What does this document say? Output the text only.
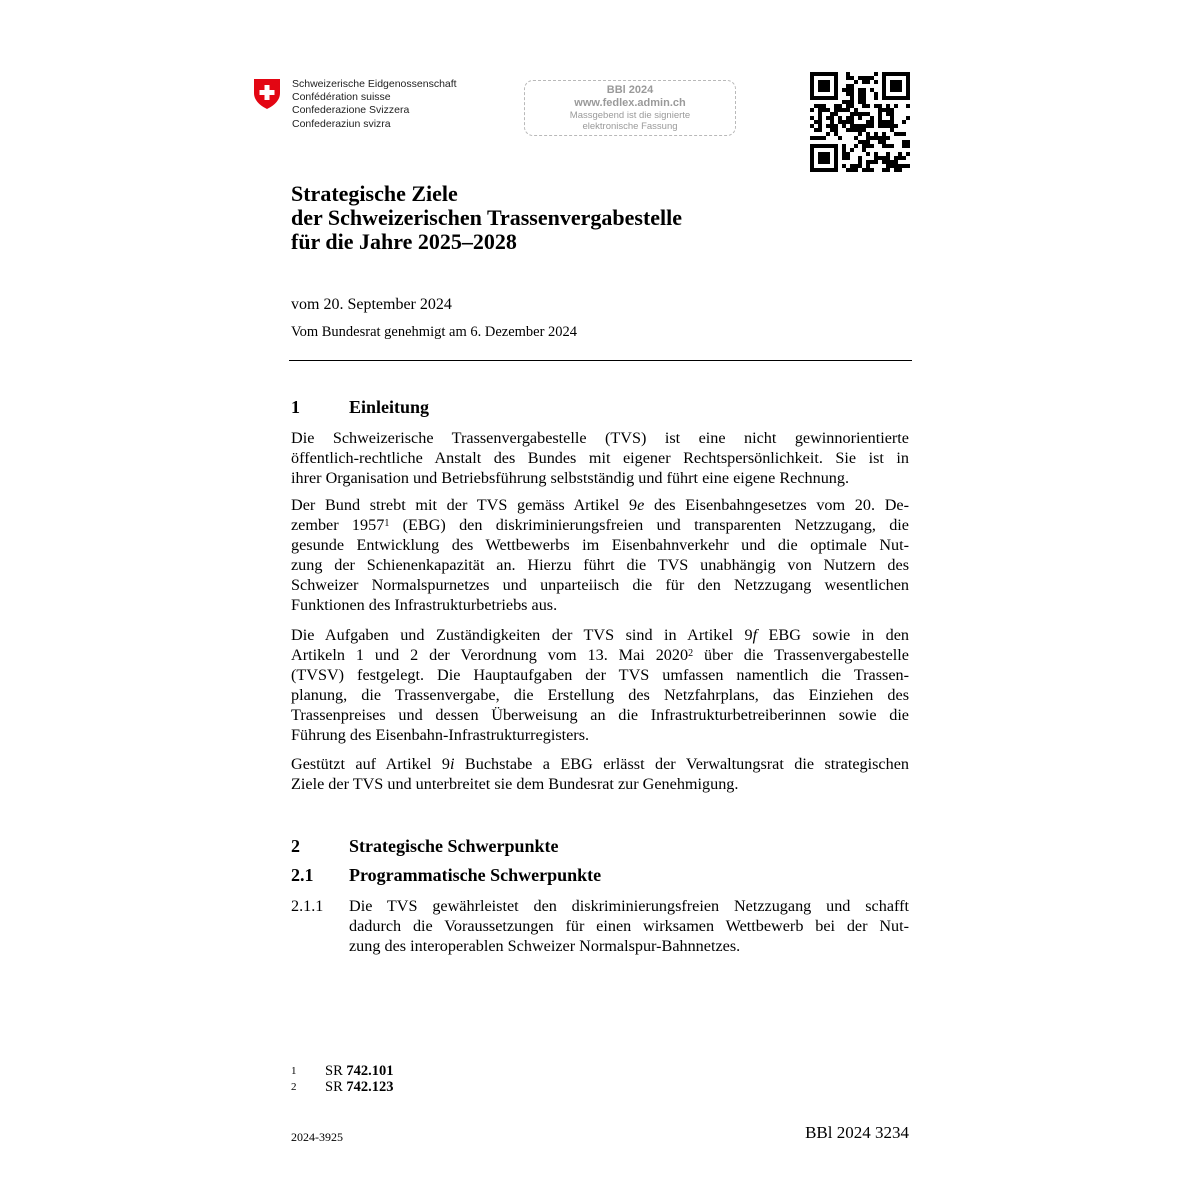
Schweizerische Eidgenossenschaft
Confédération suisse
Confederazione Svizzera
Confederaziun svizra
BBl 2024
www.fedlex.admin.ch
Massgebend ist die signierte
elektronische Fassung
Strategische Ziele
der Schweizerischen Trassenvergabestelle
für die Jahre 2025–2028
vom 20. September 2024
Vom Bundesrat genehmigt am 6. Dezember 2024
1	Einleitung
Die Schweizerische Trassenvergabestelle (TVS) ist eine nicht gewinnorientierte
öffentlich-rechtliche Anstalt des Bundes mit eigener Rechtspersönlichkeit. Sie ist in
ihrer Organisation und Betriebsführung selbstständig und führt eine eigene Rechnung.
Der Bund strebt mit der TVS gemäss Artikel 9e des Eisenbahngesetzes vom 20. De-
zember 1957$^1$ (EBG) den diskriminierungsfreien und transparenten Netzzugang, die
gesunde Entwicklung des Wettbewerbs im Eisenbahnverkehr und die optimale Nut-
zung der Schienenkapazität an. Hierzu führt die TVS unabhängig von Nutzern des
Schweizer Normalspurnetzes und unparteiisch die für den Netzzugang wesentlichen
Funktionen des Infrastrukturbetriebs aus.
Die Aufgaben und Zuständigkeiten der TVS sind in Artikel 9f EBG sowie in den
Artikeln 1 und 2 der Verordnung vom 13. Mai 2020$^2$ über die Trassenvergabestelle
(TVSV) festgelegt. Die Hauptaufgaben der TVS umfassen namentlich die Trassen-
planung, die Trassenvergabe, die Erstellung des Netzfahrplans, das Einziehen des
Trassenpreises und dessen Überweisung an die Infrastrukturbetreiberinnen sowie die
Führung des Eisenbahn-Infrastrukturregisters.
Gestützt auf Artikel 9i Buchstabe a EBG erlässt der Verwaltungsrat die strategischen
Ziele der TVS und unterbreitet sie dem Bundesrat zur Genehmigung.
2	Strategische Schwerpunkte
2.1 Programmatische Schwerpunkte
2.1.1 Die TVS gewährleistet den diskriminierungsfreien Netzzugang und schafft
dadurch die Voraussetzungen für einen wirksamen Wettbewerb bei der Nut-
zung des interoperablen Schweizer Normalspur-Bahnnetzes.
1 SR 742.101
2 SR 742.123
2024-3925	BBl 2024 3234
